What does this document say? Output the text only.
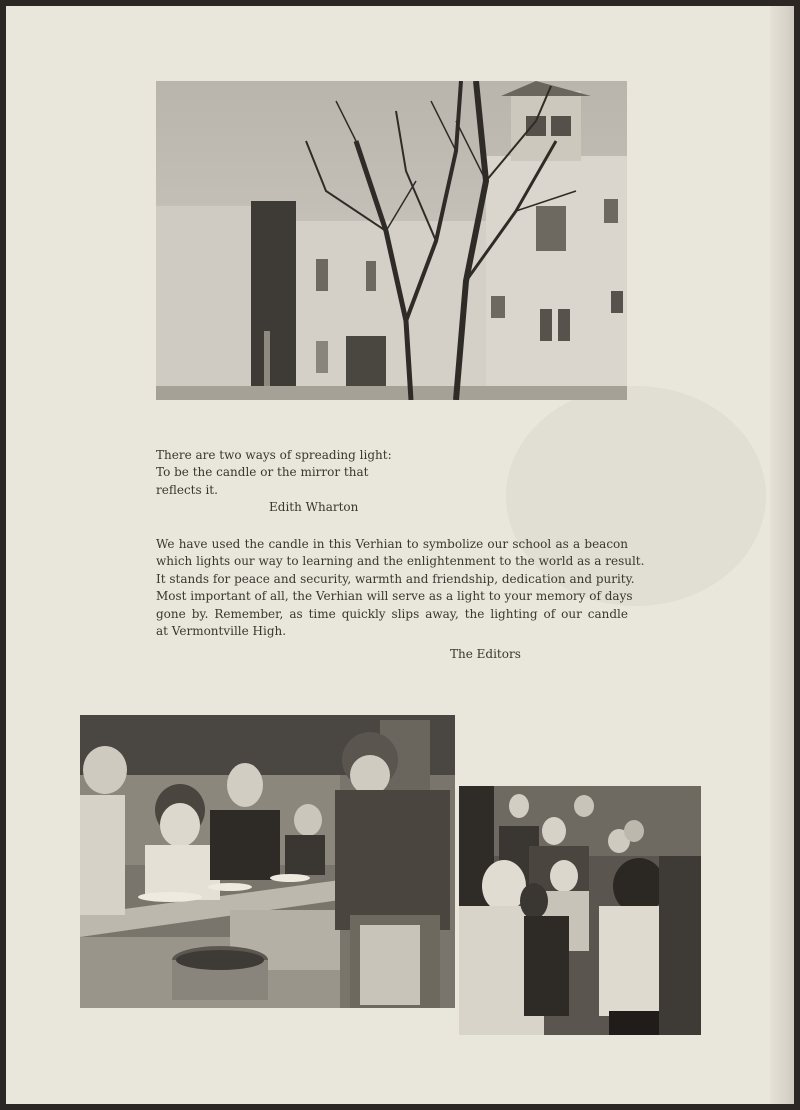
There are two ways of spreading light:
To be the candle or the mirror that
reflects it.
Edith Wharton
We have used the candle in this Verhian to symbolize our school as a beacon
which lights our way to learning and the enlightenment to the world as a result.
It stands for peace and security, warmth and friendship, dedication and purity.
Most important of all, the Verhian will serve as a light to your memory of days
gone by. Remember, as time quickly slips away, the lighting of our candle
at Vermontville High.
The Editors
